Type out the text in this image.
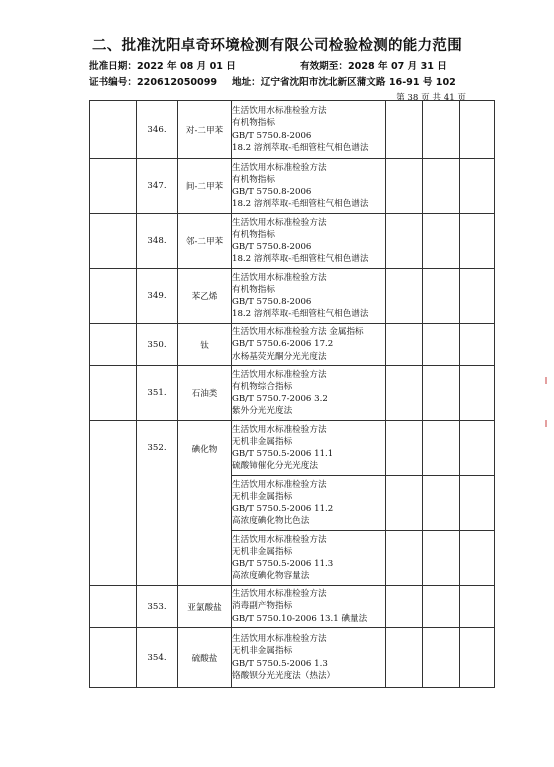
二、批准沈阳卓奇环境检测有限公司检验检测的能力范围
批准日期：2022 年 08 月 01 日	有效期至：2028 年 07 月 31 日
证书编号：220612050099 地址：辽宁省沈阳市沈北新区蒲文路 16-91 号 102
第 38 页 共 41 页
	346.	对-二甲苯	生活饮用水标准检验方法
有机物指标
GB/T 5750.8-2006
18.2 溶剂萃取-毛细管柱气相色谱法			

	347.	间-二甲苯	生活饮用水标准检验方法
有机物指标
GB/T 5750.8-2006
18.2 溶剂萃取-毛细管柱气相色谱法			

	348.	邻-二甲苯	生活饮用水标准检验方法
有机物指标
GB/T 5750.8-2006
18.2 溶剂萃取-毛细管柱气相色谱法			

	349.	苯乙烯	生活饮用水标准检验方法
有机物指标
GB/T 5750.8-2006
18.2 溶剂萃取-毛细管柱气相色谱法			

	350.	钛	生活饮用水标准检验方法 金属指标
GB/T 5750.6-2006 17.2
水杨基荧光酮分光光度法			

	351.	石油类	生活饮用水标准检验方法
有机物综合指标
GB/T 5750.7-2006 3.2
紫外分光光度法			

	352.	碘化物	生活饮用水标准检验方法
无机非金属指标
GB/T 5750.5-2006 11.1
硫酸铈催化分光光度法			

			生活饮用水标准检验方法
无机非金属指标
GB/T 5750.5-2006 11.2
高浓度碘化物比色法			

			生活饮用水标准检验方法
无机非金属指标
GB/T 5750.5-2006 11.3
高浓度碘化物容量法			

	353.	亚氯酸盐	生活饮用水标准检验方法
消毒副产物指标
GB/T 5750.10-2006 13.1 碘量法			

	354.	硫酸盐	生活饮用水标准检验方法
无机非金属指标
GB/T 5750.5-2006 1.3
铬酸钡分光光度法（热法）			
